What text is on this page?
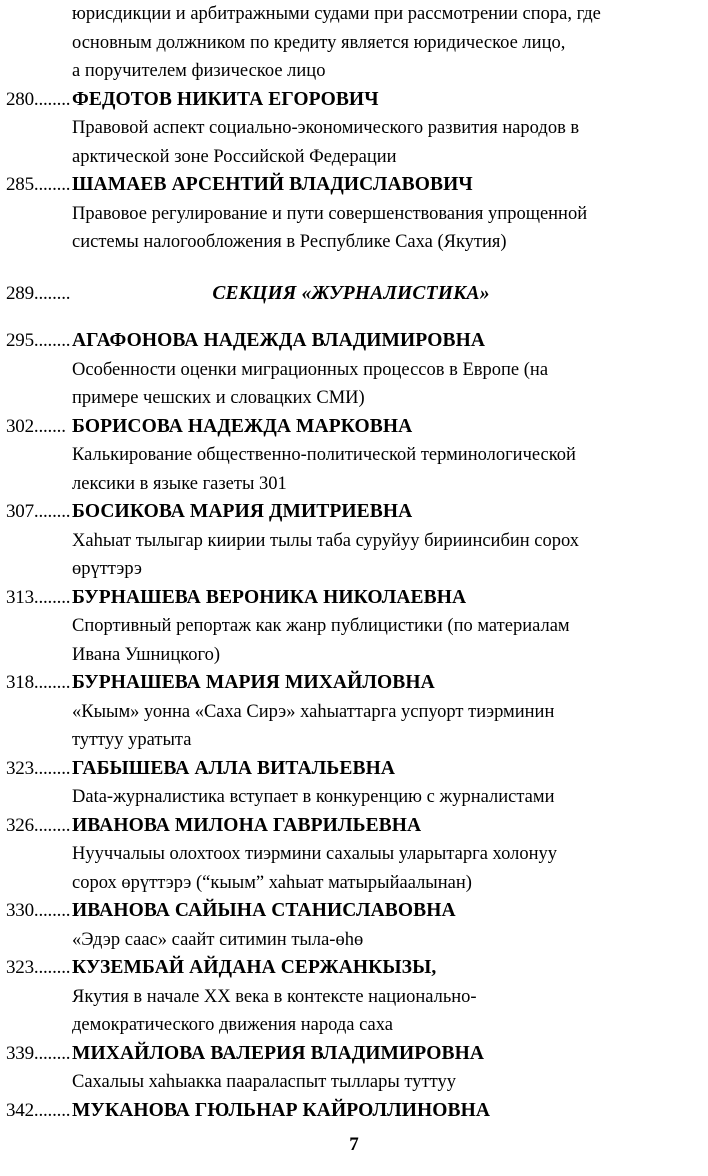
юрисдикции и арбитражными судами при рассмотрении спора, где
основным должником по кредиту является юридическое лицо,
а поручителем физическое лицо
280........ ФЕДОТОВ НИКИТА ЕГОРОВИЧ
Правовой аспект социально-экономического развития народов в
арктической зоне Российской Федерации
285........ ШАМАЕВ АРСЕНТИЙ ВЛАДИСЛАВОВИЧ
Правовое регулирование и пути совершенствования упрощенной
системы налогообложения в Республике Саха (Якутия)
289........	СЕКЦИЯ «ЖУРНАЛИСТИКА»
295........ АГАФОНОВА НАДЕЖДА ВЛАДИМИРОВНА
Особенности оценки миграционных процессов в Европе (на
примере чешских и словацких СМИ)
302....... БОРИСОВА НАДЕЖДА МАРКОВНА
Калькирование общественно-политической терминологической
лексики в языке газеты 301
307........ БОСИКОВА МАРИЯ ДМИТРИЕВНА
Хаһыат тылыгар киирии тылы таба суруйуу бириинсибин сорох
өрүттэрэ
313........ БУРНАШЕВА ВЕРОНИКА НИКОЛАЕВНА
Спортивный репортаж как жанр публицистики (по материалам
Ивана Ушницкого)
318........ БУРНАШЕВА МАРИЯ МИХАЙЛОВНА
«Кыым» уонна «Саха Сирэ» хаһыаттарга успуорт тиэрминин
туттуу уратыта
323........ ГАБЫШЕВА АЛЛА ВИТАЛЬЕВНА
Data-журналистика вступает в конкуренцию с журналистами
326........ ИВАНОВА МИЛОНА ГАВРИЛЬЕВНА
Нууччалыы олохтоох тиэрмини сахалыы уларытарга холонуу
сорох өрүттэрэ (“кыым” хаһыат матырыйаалынан)
330........ ИВАНОВА САЙЫНА СТАНИСЛАВОВНА
«Эдэр саас» саайт ситимин тыла-өһө
323........ КУЗЕМБАЙ АЙДАНА СЕРЖАНКЫЗЫ,
Якутия в начале XX века в контексте национально-
демократического движения народа саха
339........ МИХАЙЛОВА ВАЛЕРИЯ ВЛАДИМИРОВНА
Сахалыы хаһыакка паараласпыт тыллары туттуу
342........ МУКАНОВА ГЮЛЬНАР КАЙРОЛЛИНОВНА
7
